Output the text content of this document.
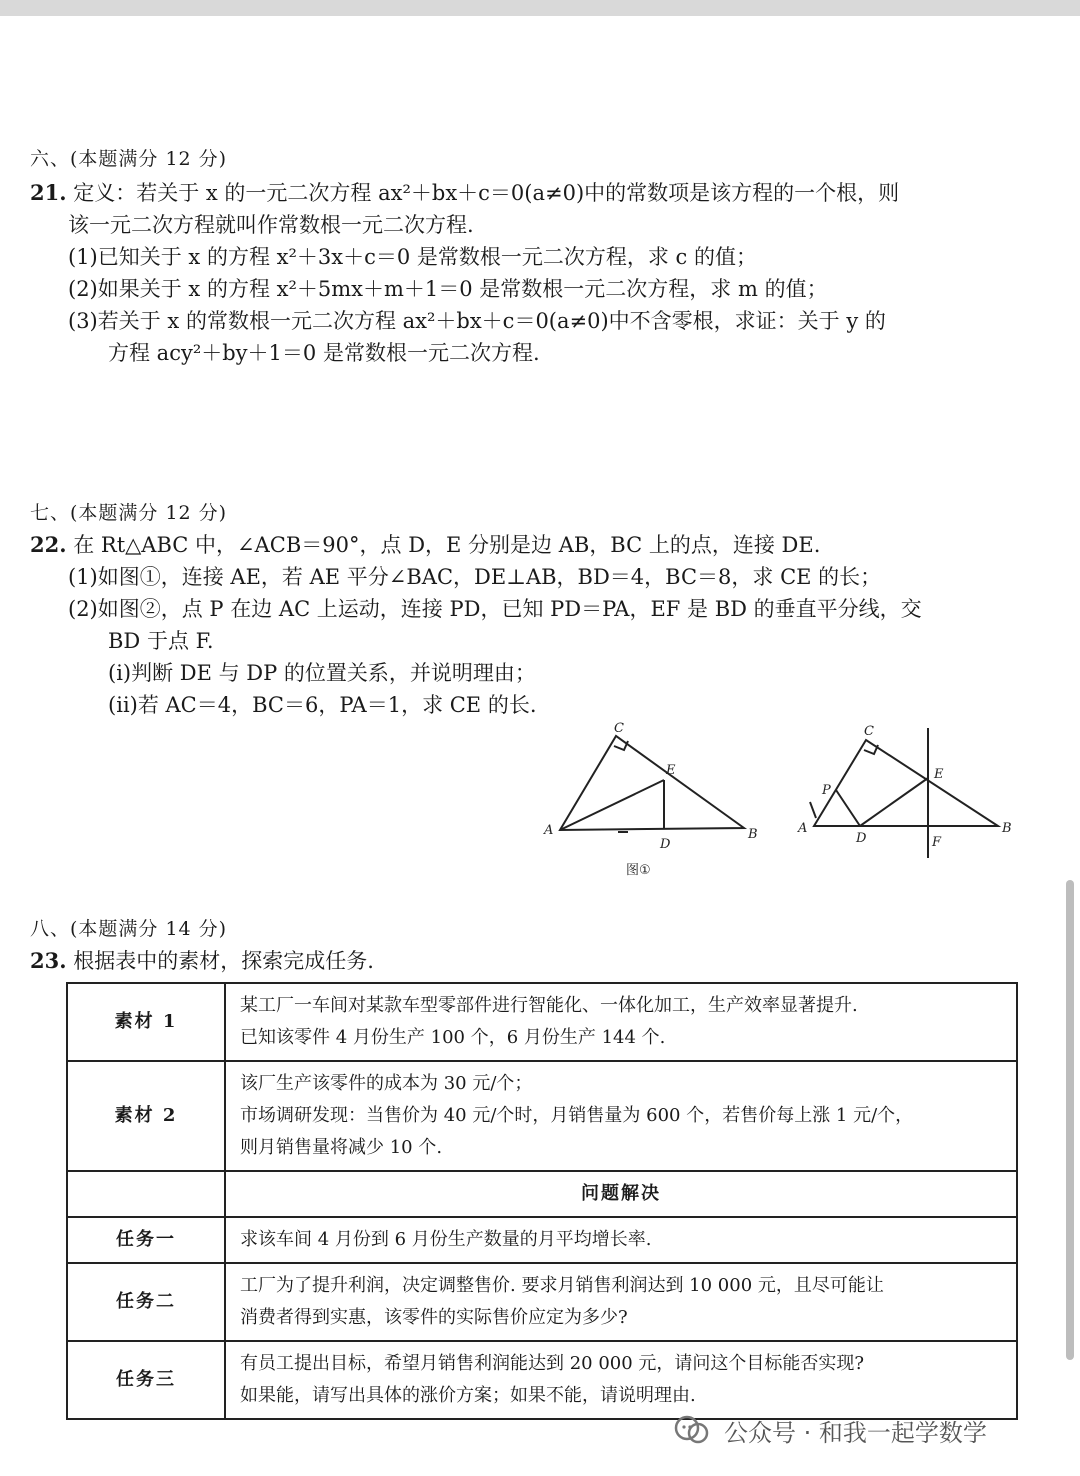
六、(本题满分 12 分)
21. 定义：若关于 x 的一元二次方程 ax²＋bx＋c＝0(a≠0)中的常数项是该方程的一个根，则
该一元二次方程就叫作常数根一元二次方程.
(1)已知关于 x 的方程 x²＋3x＋c＝0 是常数根一元二次方程，求 c 的值；
(2)如果关于 x 的方程 x²＋5mx＋m＋1＝0 是常数根一元二次方程，求 m 的值；
(3)若关于 x 的常数根一元二次方程 ax²＋bx＋c＝0(a≠0)中不含零根，求证：关于 y 的
方程 acy²＋by＋1＝0 是常数根一元二次方程.
七、(本题满分 12 分)
22. 在 Rt△ABC 中，∠ACB＝90°，点 D，E 分别是边 AB，BC 上的点，连接 DE.
(1)如图①，连接 AE，若 AE 平分∠BAC，DE⊥AB，BD＝4，BC＝8，求 CE 的长；
(2)如图②，点 P 在边 AC 上运动，连接 PD，已知 PD＝PA，EF 是 BD 的垂直平分线，交
BD 于点 F.
(ⅰ)判断 DE 与 DP 的位置关系，并说明理由；
(ⅱ)若 AC＝4，BC＝6，PA＝1，求 CE 的长.
C
E
A	B
D
图①
C
E
P
A	B
D	F
八、(本题满分 14 分)
23. 根据表中的素材，探索完成任务.
素材 1	某工厂一车间对某款车型零部件进行智能化、一体化加工，生产效率显著提升.
已知该零件 4 月份生产 100 个，6 月份生产 144 个.

素材 2	该厂生产该零件的成本为 30 元/个；
市场调研发现：当售价为 40 元/个时，月销售量为 600 个，若售价每上涨 1 元/个，
则月销售量将减少 10 个.

	问题解决
任务一	求该车间 4 月份到 6 月份生产数量的月平均增长率.
任务二	工厂为了提升利润，决定调整售价. 要求月销售利润达到 10 000 元，且尽可能让
消费者得到实惠，该零件的实际售价应定为多少?

任务三	有员工提出目标，希望月销售利润能达到 20 000 元，请问这个目标能否实现?
如果能，请写出具体的涨价方案；如果不能，请说明理由.
公众号 · 和我一起学数学
